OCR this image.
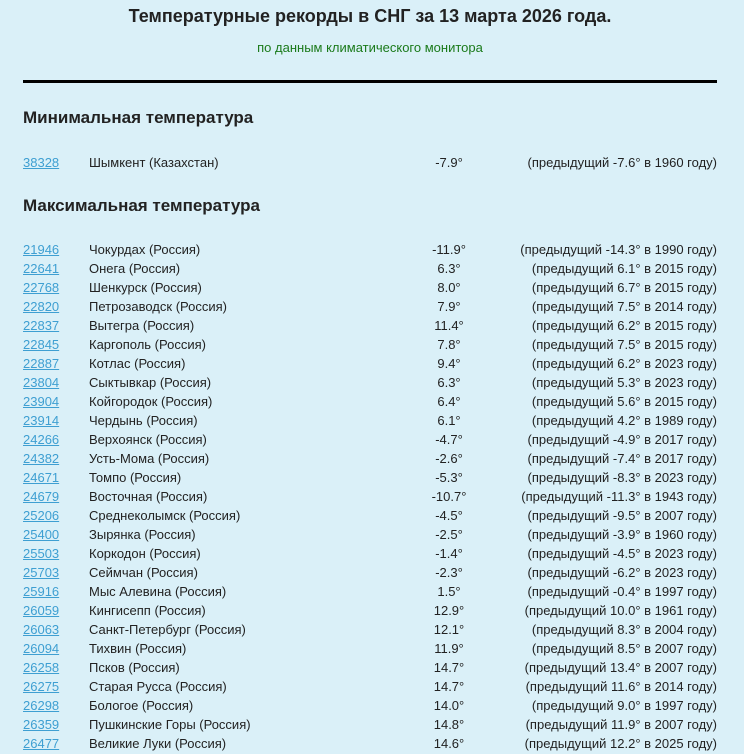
Температурные рекорды в СНГ за 13 марта 2026 года.
по данным климатического монитора
Минимальная температура
38328	Шымкент (Казахстан)	-7.9°	(предыдущий -7.6° в 1960 году)
Максимальная температура
21946	Чокурдах (Россия)	-11.9°	(предыдущий -14.3° в 1990 году)
22641	Онега (Россия)	6.3°	(предыдущий 6.1° в 2015 году)
22768	Шенкурск (Россия)	8.0°	(предыдущий 6.7° в 2015 году)
22820	Петрозаводск (Россия)	7.9°	(предыдущий 7.5° в 2014 году)
22837	Вытегра (Россия)	11.4°	(предыдущий 6.2° в 2015 году)
22845	Каргополь (Россия)	7.8°	(предыдущий 7.5° в 2015 году)
22887	Котлас (Россия)	9.4°	(предыдущий 6.2° в 2023 году)
23804	Сыктывкар (Россия)	6.3°	(предыдущий 5.3° в 2023 году)
23904	Койгородок (Россия)	6.4°	(предыдущий 5.6° в 2015 году)
23914	Чердынь (Россия)	6.1°	(предыдущий 4.2° в 1989 году)
24266	Верхоянск (Россия)	-4.7°	(предыдущий -4.9° в 2017 году)
24382	Усть-Мома (Россия)	-2.6°	(предыдущий -7.4° в 2017 году)
24671	Томпо (Россия)	-5.3°	(предыдущий -8.3° в 2023 году)
24679	Восточная (Россия)	-10.7°	(предыдущий -11.3° в 1943 году)
25206	Среднеколымск (Россия)	-4.5°	(предыдущий -9.5° в 2007 году)
25400	Зырянка (Россия)	-2.5°	(предыдущий -3.9° в 1960 году)
25503	Коркодон (Россия)	-1.4°	(предыдущий -4.5° в 2023 году)
25703	Сеймчан (Россия)	-2.3°	(предыдущий -6.2° в 2023 году)
25916	Мыс Алевина (Россия)	1.5°	(предыдущий -0.4° в 1997 году)
26059	Кингисепп (Россия)	12.9°	(предыдущий 10.0° в 1961 году)
26063	Санкт-Петербург (Россия)	12.1°	(предыдущий 8.3° в 2004 году)
26094	Тихвин (Россия)	11.9°	(предыдущий 8.5° в 2007 году)
26258	Псков (Россия)	14.7°	(предыдущий 13.4° в 2007 году)
26275	Старая Русса (Россия)	14.7°	(предыдущий 11.6° в 2014 году)
26298	Бологое (Россия)	14.0°	(предыдущий 9.0° в 1997 году)
26359	Пушкинские Горы (Россия)	14.8°	(предыдущий 11.9° в 2007 году)
26477	Великие Луки (Россия)	14.6°	(предыдущий 12.2° в 2025 году)
